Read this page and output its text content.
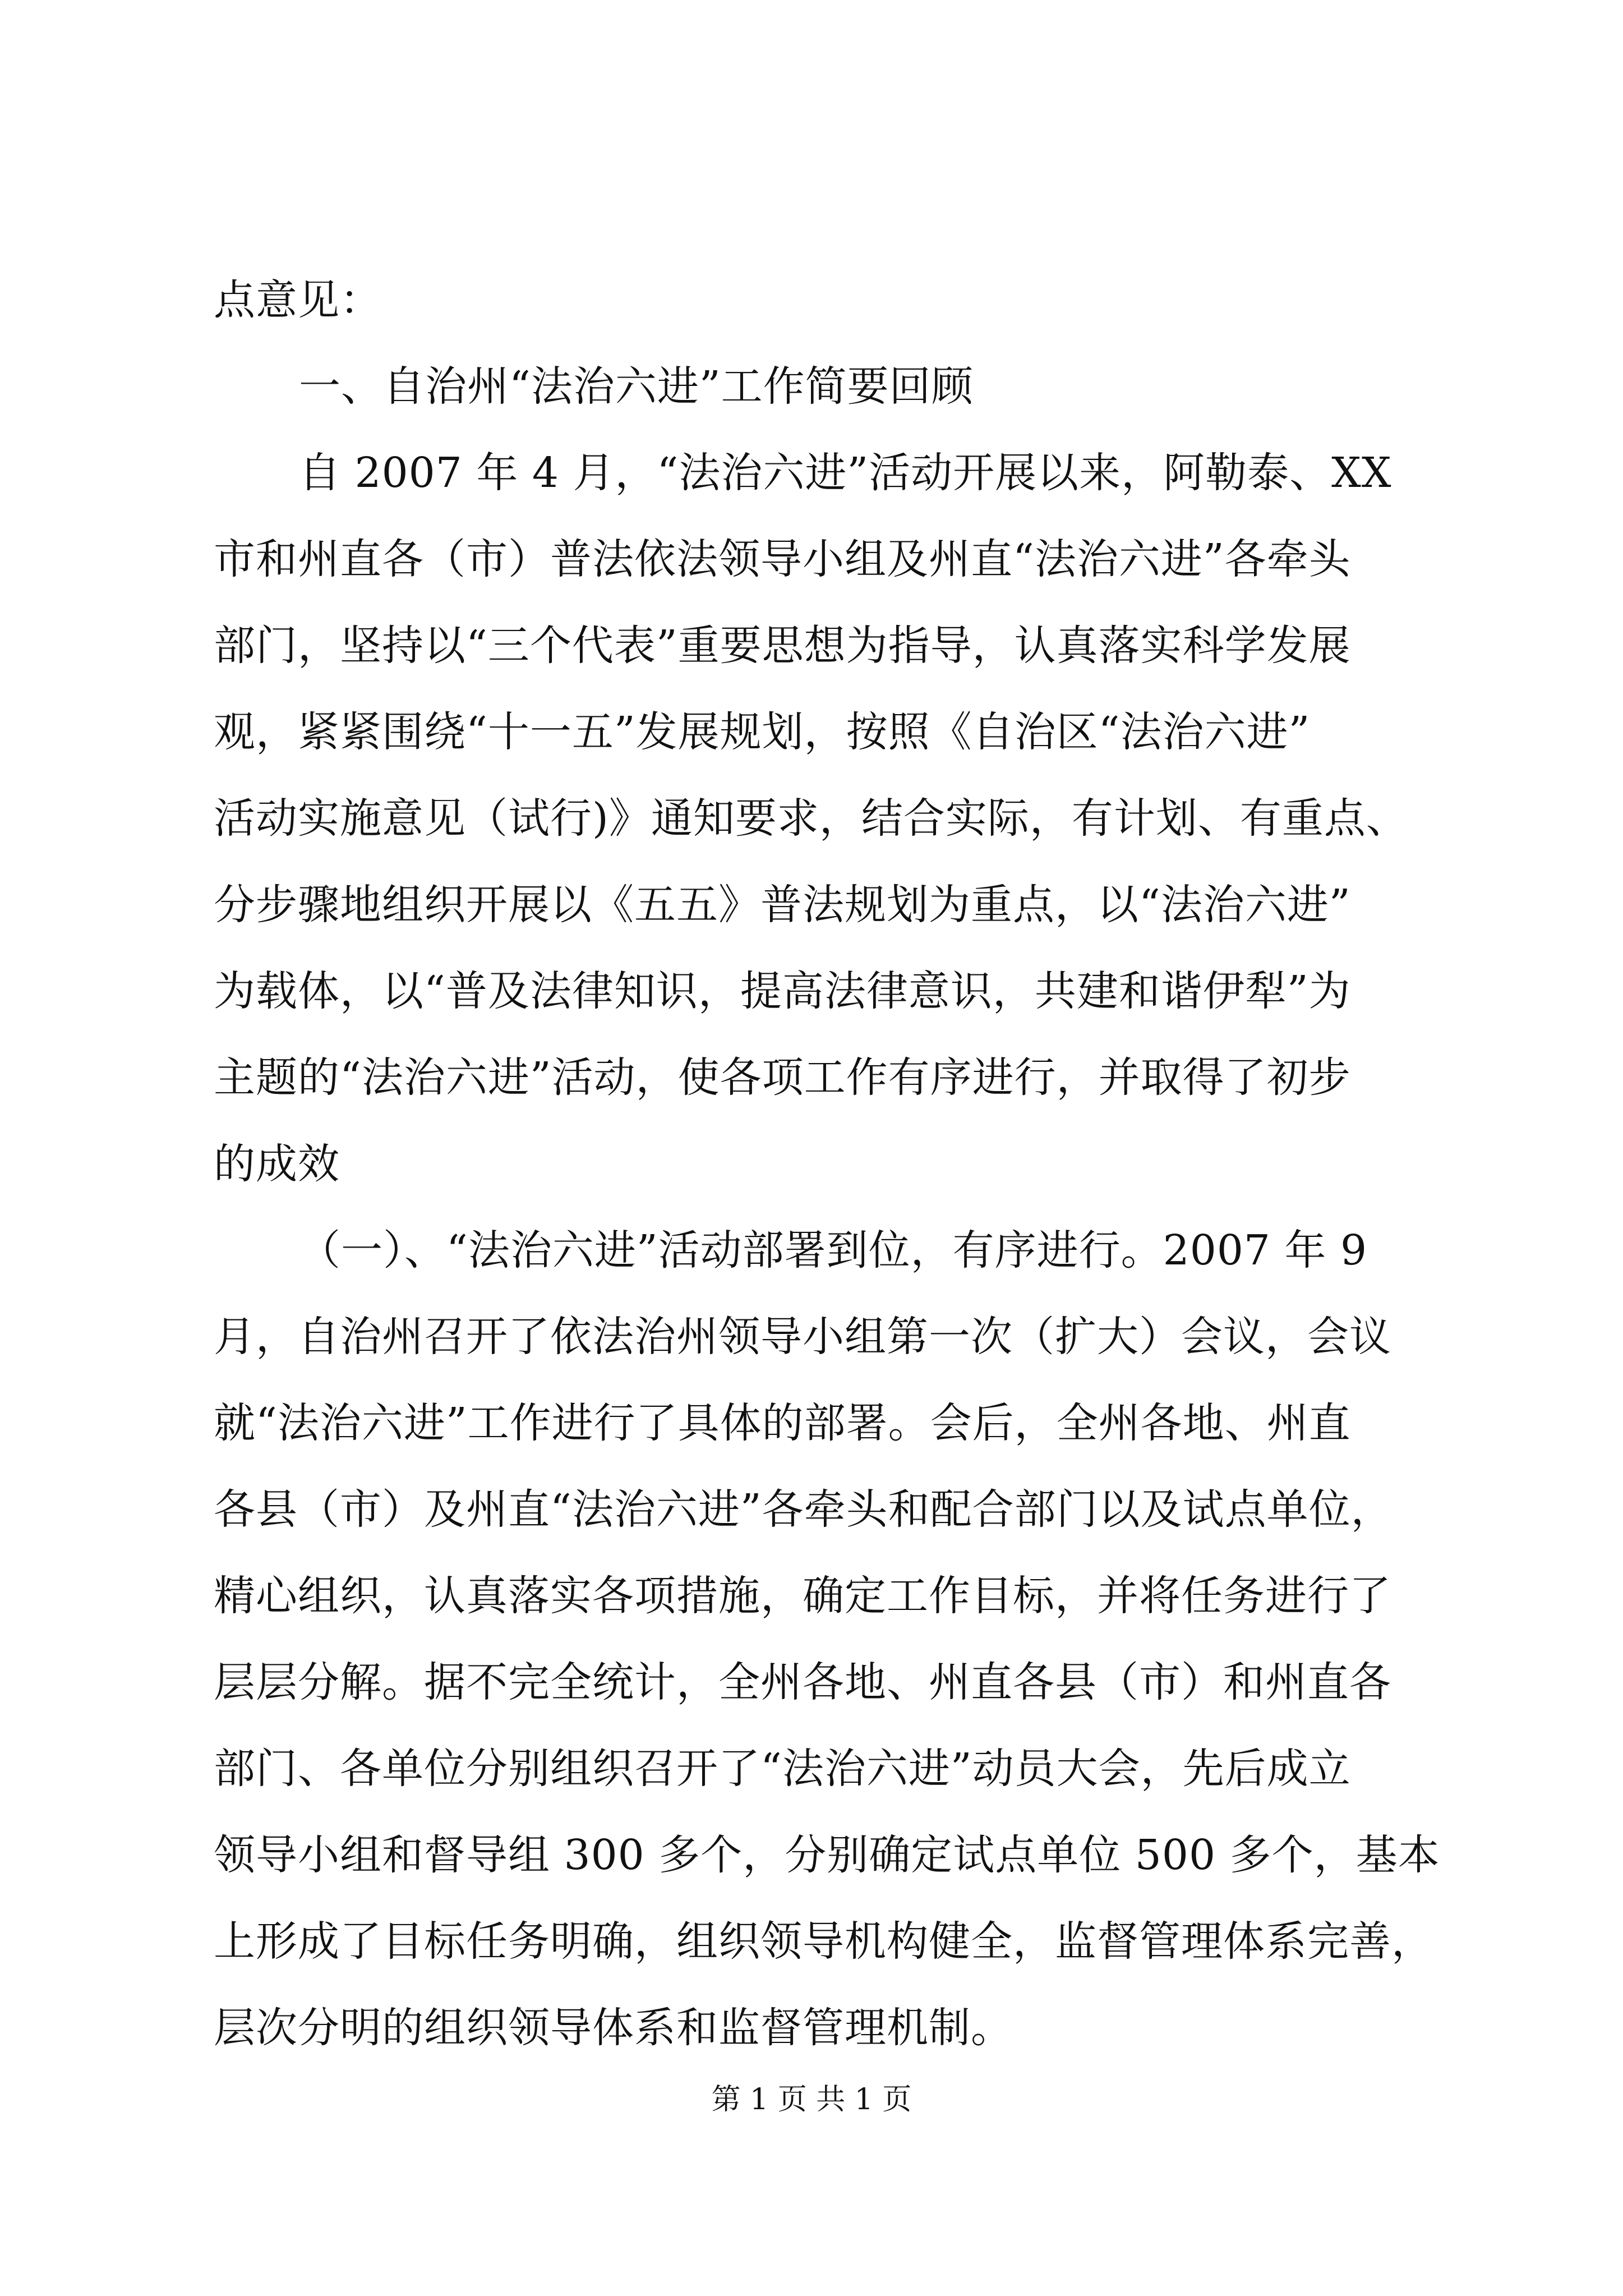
点意见：
一、自治州“法治六进”工作简要回顾
自 2007 年 4 月，“法治六进”活动开展以来，阿勒泰、XX
市和州直各（市）普法依法领导小组及州直“法治六进”各牵头
部门，坚持以“三个代表”重要思想为指导，认真落实科学发展
观，紧紧围绕“十一五”发展规划，按照《自治区“法治六进”
活动实施意见（试行)》通知要求，结合实际，有计划、有重点、
分步骤地组织开展以《五五》普法规划为重点，以“法治六进”
为载体，以“普及法律知识，提高法律意识，共建和谐伊犁”为
主题的“法治六进”活动，使各项工作有序进行，并取得了初步
的成效
（一）、“法治六进”活动部署到位，有序进行。2007 年 9
月，自治州召开了依法治州领导小组第一次（扩大）会议，会议
就“法治六进”工作进行了具体的部署。会后，全州各地、州直
各县（市）及州直“法治六进”各牵头和配合部门以及试点单位，
精心组织，认真落实各项措施，确定工作目标，并将任务进行了
层层分解。据不完全统计，全州各地、州直各县（市）和州直各
部门、各单位分别组织召开了“法治六进”动员大会，先后成立
领导小组和督导组 300 多个，分别确定试点单位 500 多个，基本
上形成了目标任务明确，组织领导机构健全，监督管理体系完善，
层次分明的组织领导体系和监督管理机制。
第 1 页 共 1 页
